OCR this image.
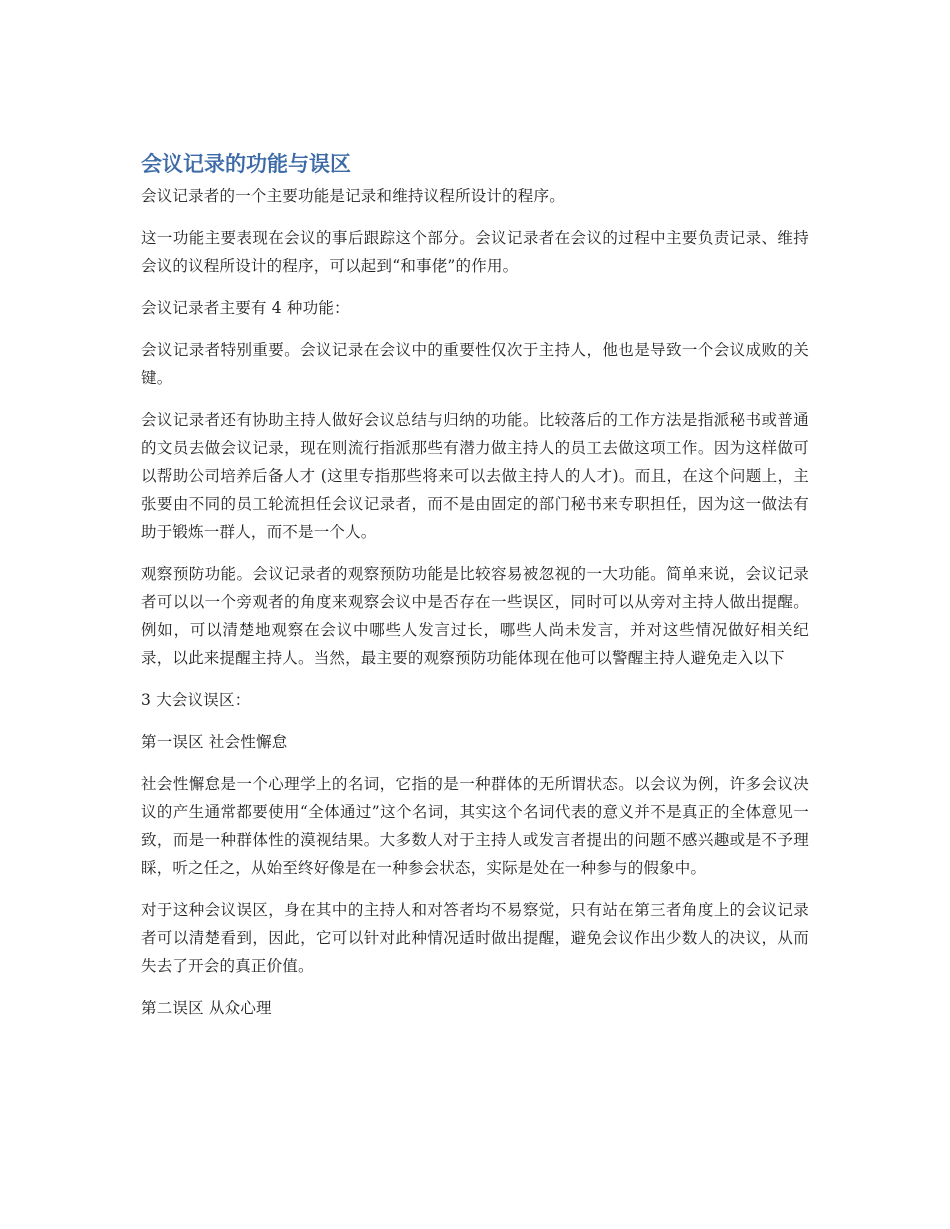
会议记录的功能与误区

会议记录者的一个主要功能是记录和维持议程所设计的程序。

这一功能主要表现在会议的事后跟踪这个部分。会议记录者在会议的过程中主要负责记录、维持会议的议程所设计的程序，可以起到“和事佬”的作用。

会议记录者主要有 4 种功能：

会议记录者特别重要。会议记录在会议中的重要性仅次于主持人，他也是导致一个会议成败的关键。

会议记录者还有协助主持人做好会议总结与归纳的功能。比较落后的工作方法是指派秘书或普通的文员去做会议记录，现在则流行指派那些有潜力做主持人的员工去做这项工作。因为这样做可以帮助公司培养后备人才 (这里专指那些将来可以去做主持人的人才)。而且，在这个问题上，主张要由不同的员工轮流担任会议记录者，而不是由固定的部门秘书来专职担任，因为这一做法有助于锻炼一群人，而不是一个人。

观察预防功能。会议记录者的观察预防功能是比较容易被忽视的一大功能。简单来说，会议记录者可以以一个旁观者的角度来观察会议中是否存在一些误区，同时可以从旁对主持人做出提醒。例如，可以清楚地观察在会议中哪些人发言过长，哪些人尚未发言，并对这些情况做好相关纪录，以此来提醒主持人。当然，最主要的观察预防功能体现在他可以警醒主持人避免走入以下

3 大会议误区：

第一误区 社会性懈怠

社会性懈怠是一个心理学上的名词，它指的是一种群体的无所谓状态。以会议为例，许多会议决议的产生通常都要使用“全体通过”这个名词，其实这个名词代表的意义并不是真正的全体意见一致，而是一种群体性的漠视结果。大多数人对于主持人或发言者提出的问题不感兴趣或是不予理睬，听之任之，从始至终好像是在一种参会状态，实际是处在一种参与的假象中。

对于这种会议误区，身在其中的主持人和对答者均不易察觉，只有站在第三者角度上的会议记录者可以清楚看到，因此，它可以针对此种情况适时做出提醒，避免会议作出少数人的决议，从而失去了开会的真正价值。

第二误区 从众心理
